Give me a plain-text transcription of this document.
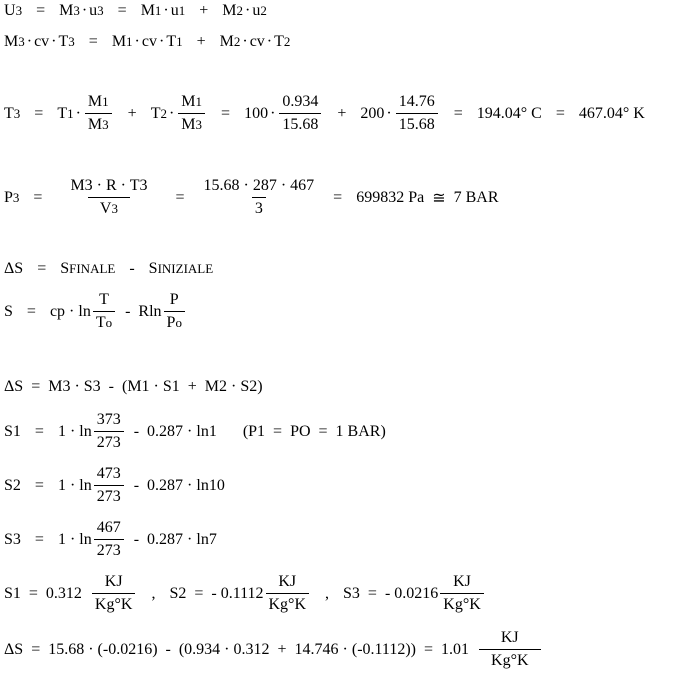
U 3 = M 3 · u 3 = M 1 · u 1 + M 2 · u 2
M 3 · cv · T 3 = M 1 · cv · T 1 + M 2 · cv · T 2
T 3 = T $1 \cdot \frac{M1}{M3} + T$ $2 \cdot \frac{M1}{M3} = 100 \cdot \frac{0.934}{15.68} + 200 \cdot \frac{14.76}{15.68} = 194.04^\circ$ C = 467.04° K
P $3 = \frac{M3 \cdot R \cdot T3}{V3} = \frac{15.68 \cdot 287 \cdot 467}{3} = 699832$ Pa ≅ 7 BAR
ΔS = S FINALE - S INIZIALE
S = cp · $\ln \frac{T}{To}$ - Rln $\frac{P}{Po}$
ΔS  =  M3 · S3  -  (M1 · S1  +  M2 · S2)
$S1 = 1 \cdot \ln \frac{373}{273} - 0.287 \cdot \ln 1$ (P1  =  PO  =  1 BAR)
$S2 = 1 \cdot \ln \frac{473}{273} - 0.287 \cdot \ln 10$
$S3 = 1 \cdot \ln \frac{467}{273} - 0.287 \cdot \ln 7$
$S1 = 0.312 \frac{KJ}{Kg^\circ K}$ , S2  =  - $0.1112 \frac{KJ}{Kg^\circ K}$ , S3  =  - $0.0216 \frac{KJ}{Kg^\circ K}$
$\Delta S = 15.68 \cdot (-0.0216) - (0.934 \cdot 0.312 + 14.746 \cdot (-0.1112)) = 1.01 \frac{KJ}{Kg^\circ K}$
